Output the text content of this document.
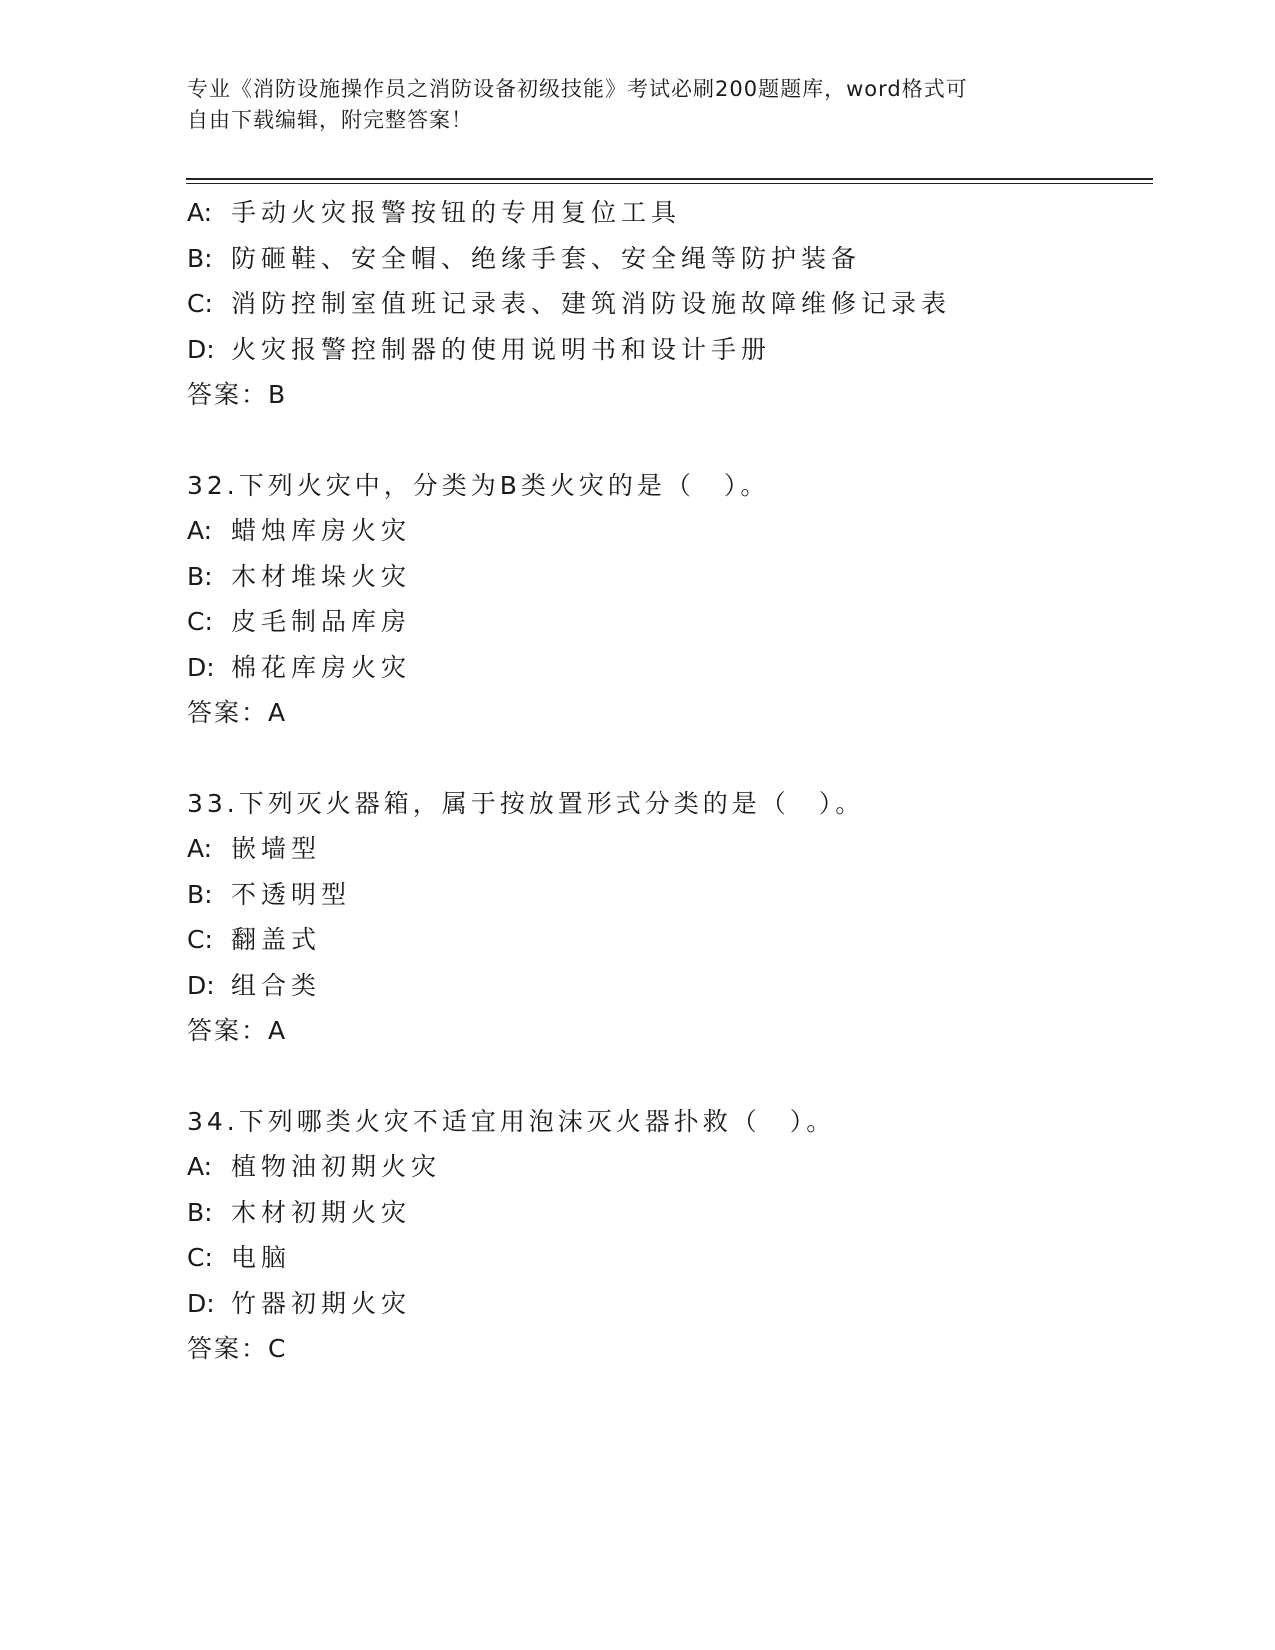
专业《消防设施操作员之消防设备初级技能》考试必刷200题题库，word格式可
自由下载编辑，附完整答案！
A: 手动火灾报警按钮的专用复位工具
B: 防砸鞋、安全帽、绝缘手套、安全绳等防护装备
C: 消防控制室值班记录表、建筑消防设施故障维修记录表
D: 火灾报警控制器的使用说明书和设计手册
答案：B
32.下列火灾中，分类为B类火灾的是（　）。
A: 蜡烛库房火灾
B: 木材堆垛火灾
C: 皮毛制品库房
D: 棉花库房火灾
答案：A
33.下列灭火器箱，属于按放置形式分类的是（　）。
A: 嵌墙型
B: 不透明型
C: 翻盖式
D: 组合类
答案：A
34.下列哪类火灾不适宜用泡沫灭火器扑救（　）。
A: 植物油初期火灾
B: 木材初期火灾
C: 电脑
D: 竹器初期火灾
答案：C
